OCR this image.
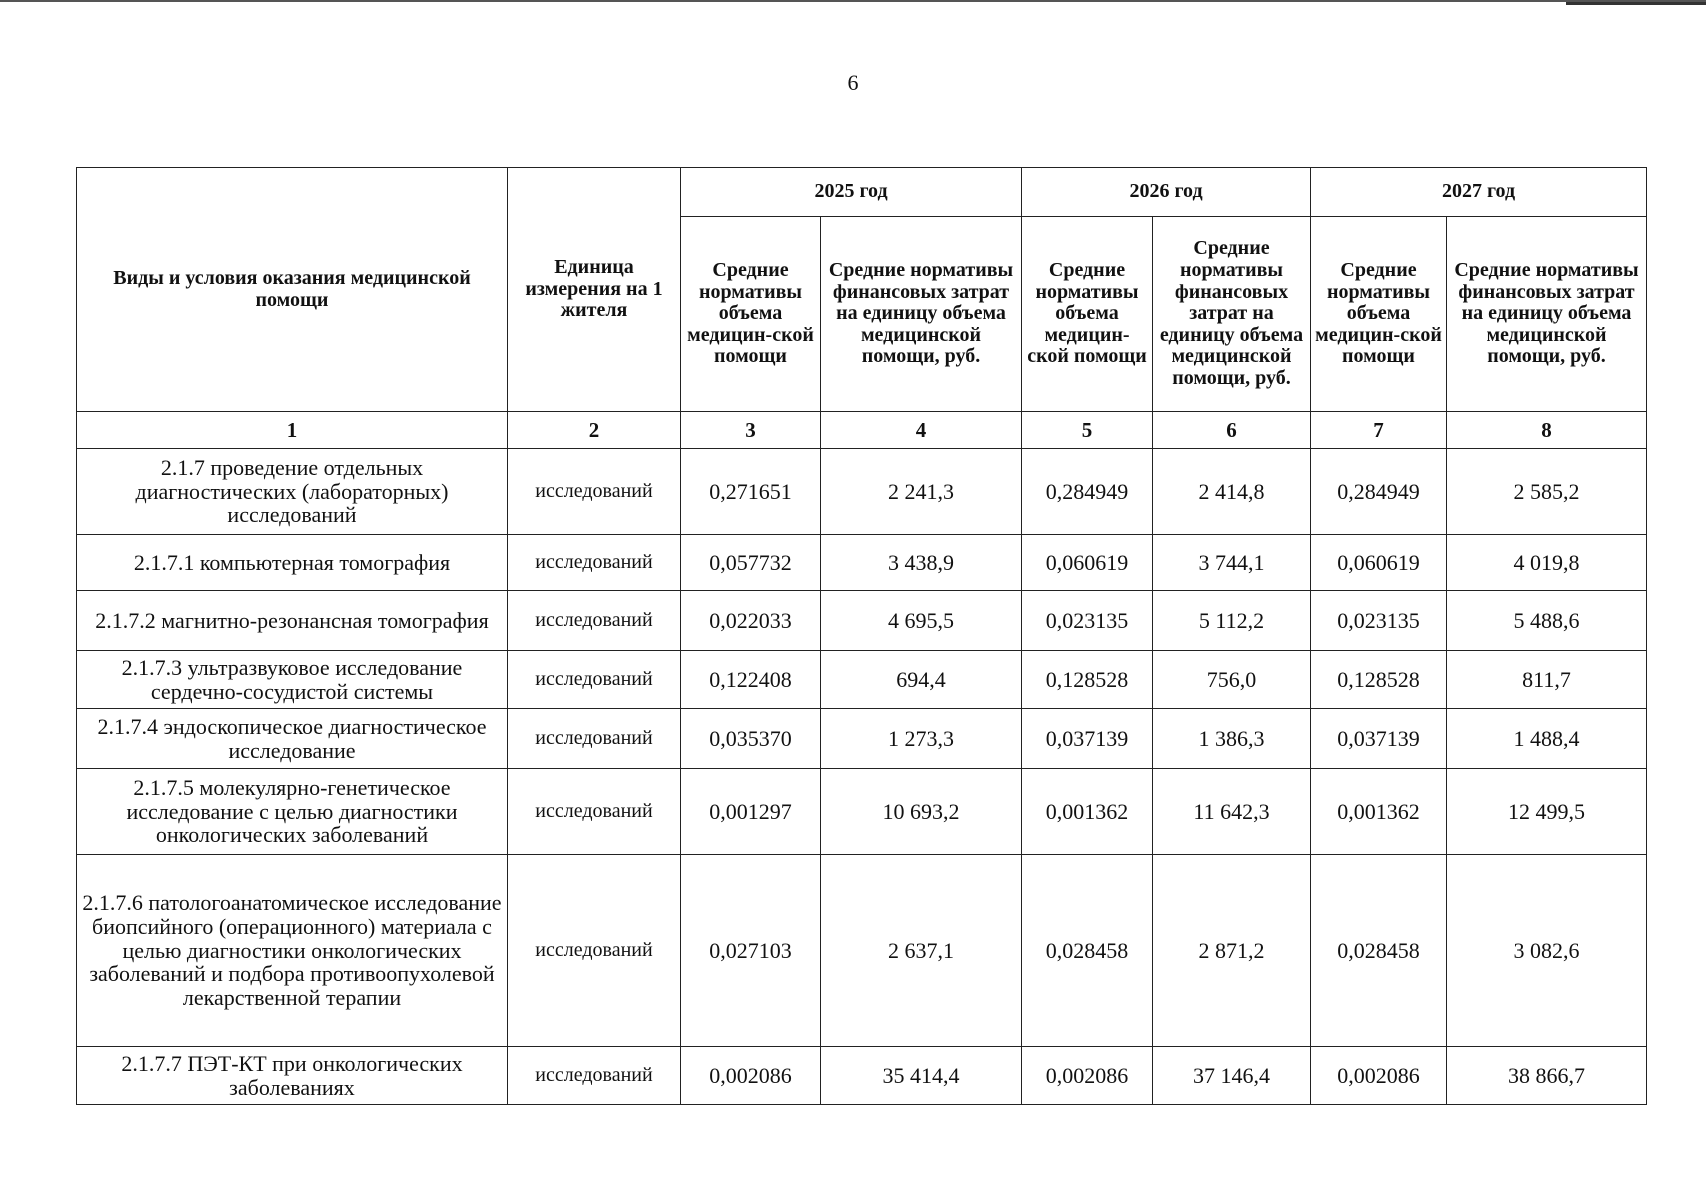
6
Виды и условия оказания медицинской помощи	Единица измерения на 1 жителя	2025 год		2026 год		2027 год	
		Средние нормативы объема медицин-ской помощи	Средние нормативы финансовых затрат на единицу объема медицинской помощи, руб.	Средние нормативы объема медицин-ской помощи	Средние нормативы финансовых затрат на единицу объема медицинской помощи, руб.	Средние нормативы объема медицин-ской помощи	Средние нормативы финансовых затрат на единицу объема медицинской помощи, руб.
1	2	3	4	5	6	7	8
2.1.7 проведение отдельных диагностических (лабораторных) исследований	исследований	0,271651	2 241,3	0,284949	2 414,8	0,284949	2 585,2
2.1.7.1 компьютерная томография	исследований	0,057732	3 438,9	0,060619	3 744,1	0,060619	4 019,8
2.1.7.2 магнитно-резонансная томография	исследований	0,022033	4 695,5	0,023135	5 112,2	0,023135	5 488,6
2.1.7.3 ультразвуковое исследование сердечно-сосудистой системы	исследований	0,122408	694,4	0,128528	756,0	0,128528	811,7
2.1.7.4 эндоскопическое диагностическое исследование	исследований	0,035370	1 273,3	0,037139	1 386,3	0,037139	1 488,4
2.1.7.5 молекулярно-генетическое исследование с целью диагностики онкологических заболеваний	исследований	0,001297	10 693,2	0,001362	11 642,3	0,001362	12 499,5
2.1.7.6 патологоанатомическое исследование биопсийного (операционного) материала с целью диагностики онкологических заболеваний и подбора противоопухолевой лекарственной терапии	исследований	0,027103	2 637,1	0,028458	2 871,2	0,028458	3 082,6
2.1.7.7 ПЭТ-КТ при онкологических заболеваниях	исследований	0,002086	35 414,4	0,002086	37 146,4	0,002086	38 866,7
